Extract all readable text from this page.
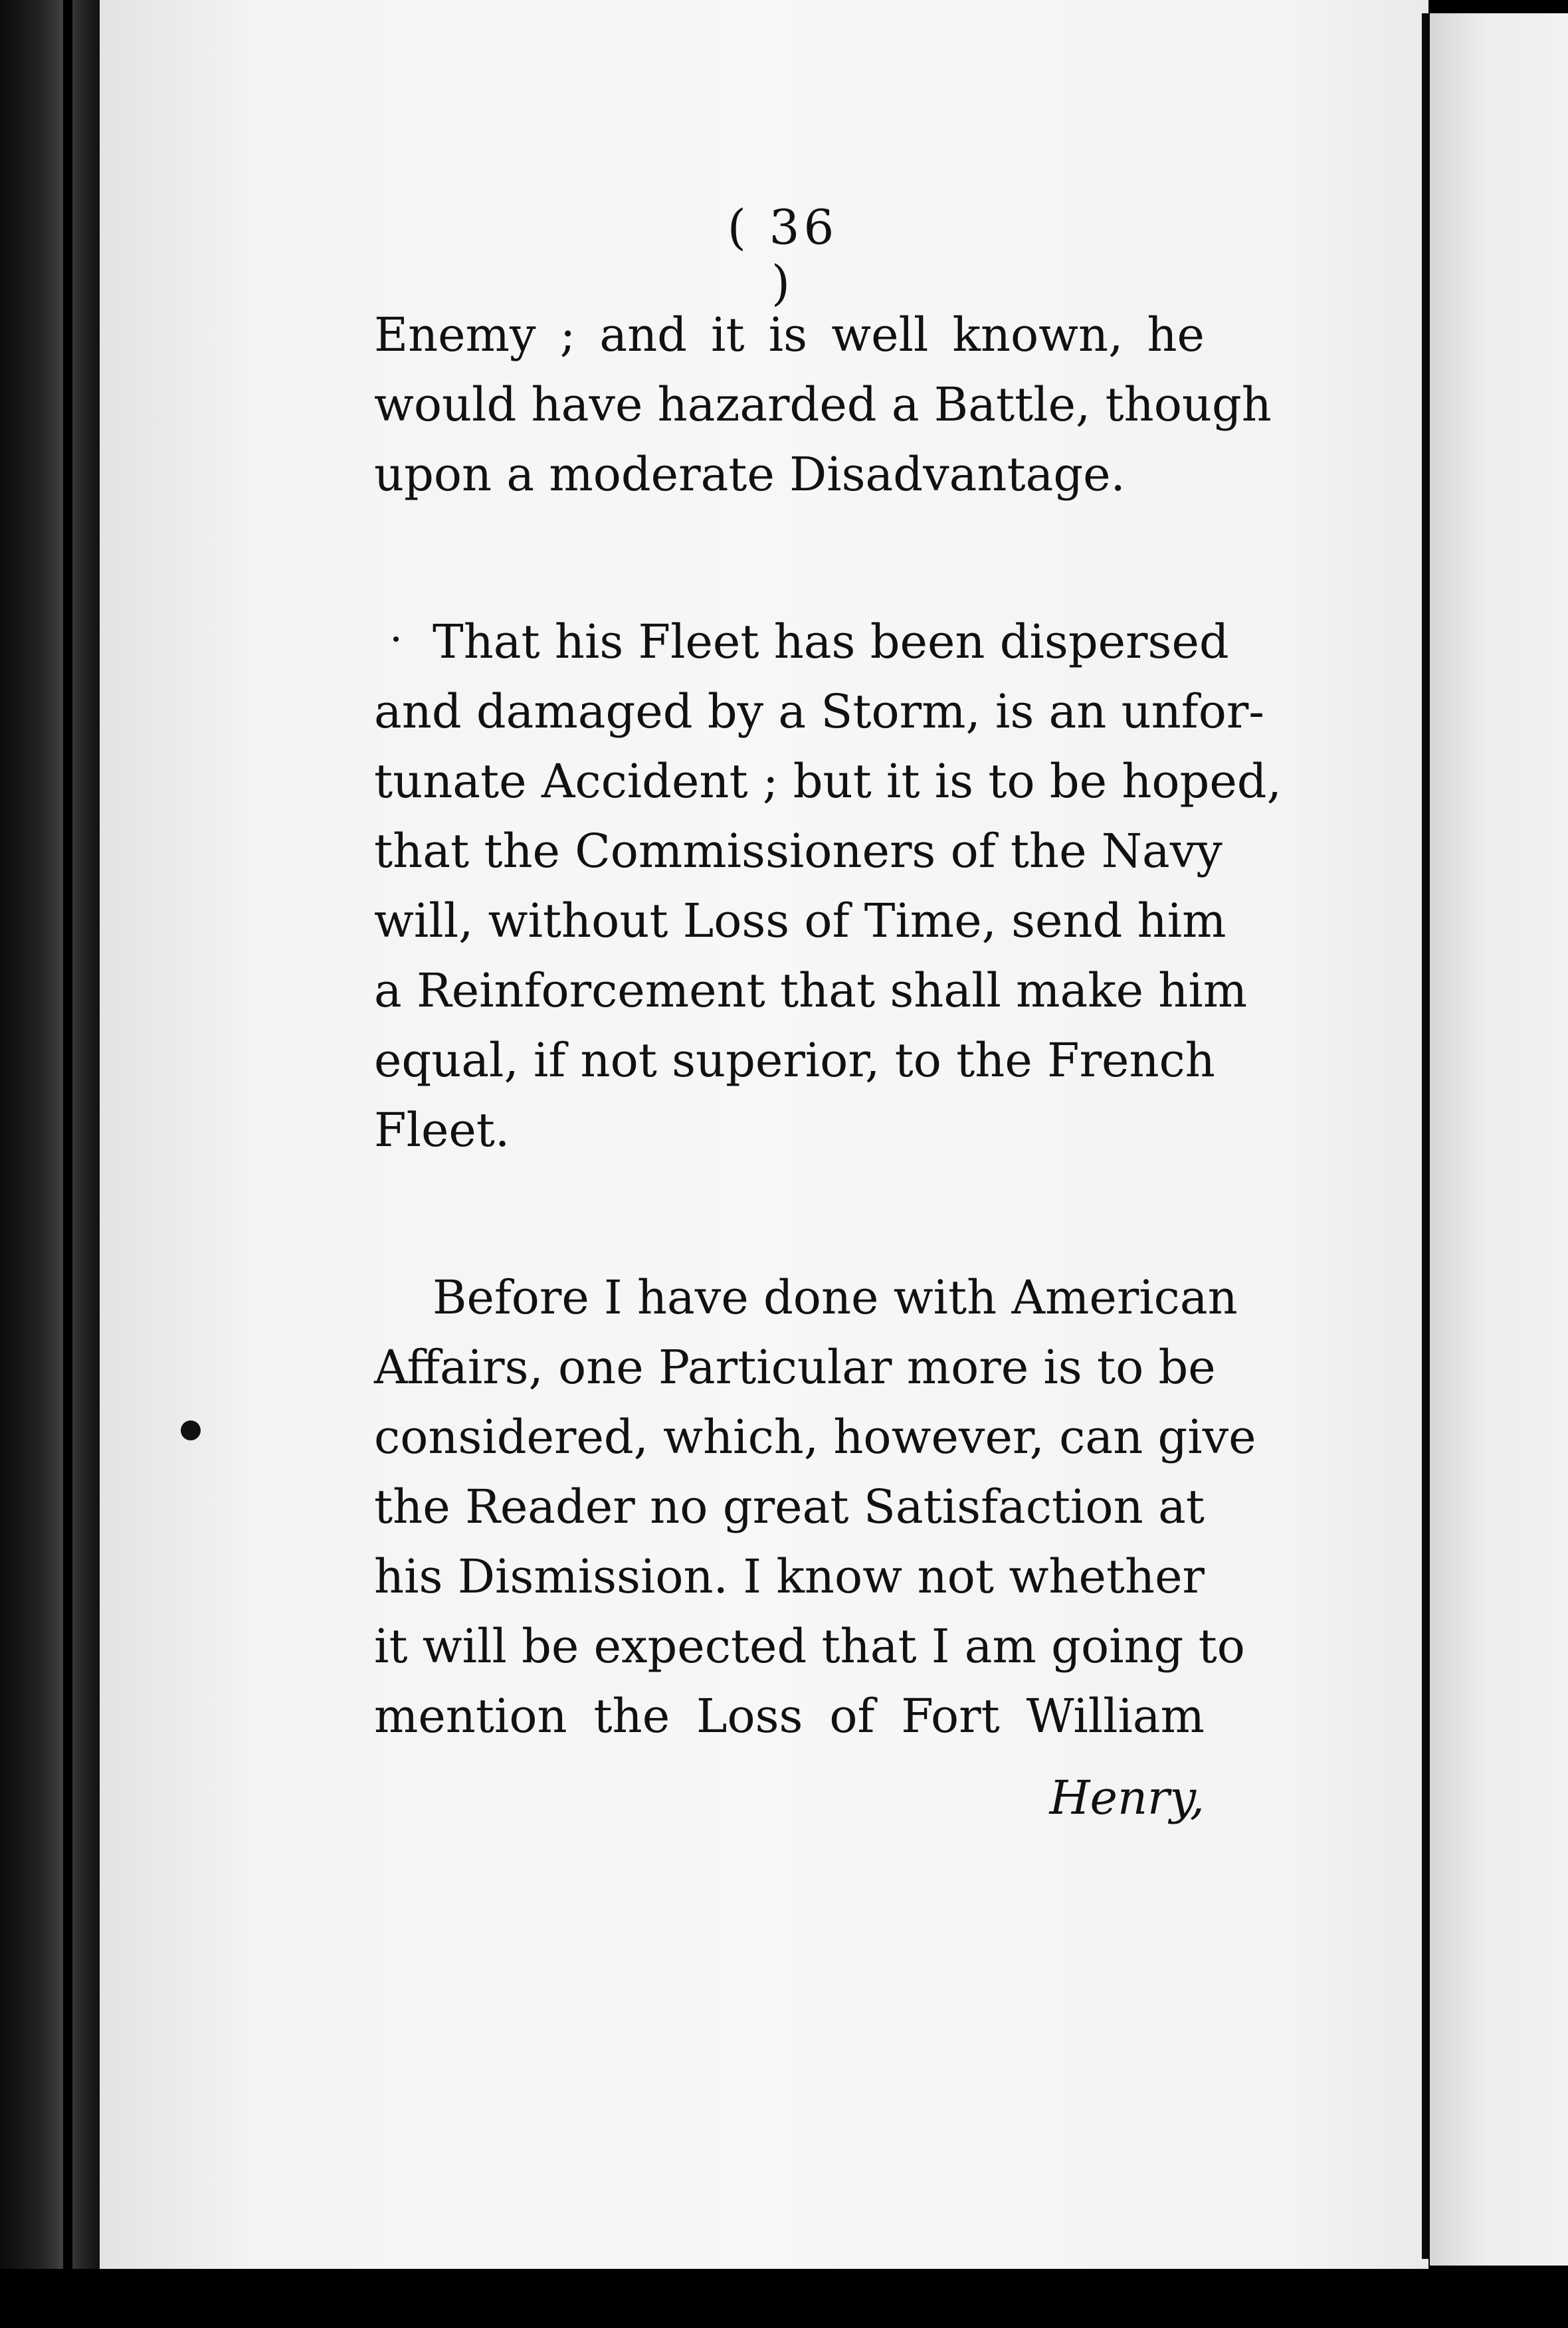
( 36 )

Enemy ; and it is well known, he
would have hazarded a Battle, though
upon a moderate Disadvantage.

That his Fleet has been dispersed
and damaged by a Storm, is an unfor-
tunate Accident ; but it is to be hoped,
that the Commissioners of the Navy
will, without Loss of Time, send him
a Reinforcement that shall make him
equal, if not superior, to the French
Fleet.

Before I have done with American
Affairs, one Particular more is to be
considered, which, however, can give
the Reader no great Satisfaction at
his Dismission. I know not whether
it will be expected that I am going to
mention the Loss of Fort William

Henry,
